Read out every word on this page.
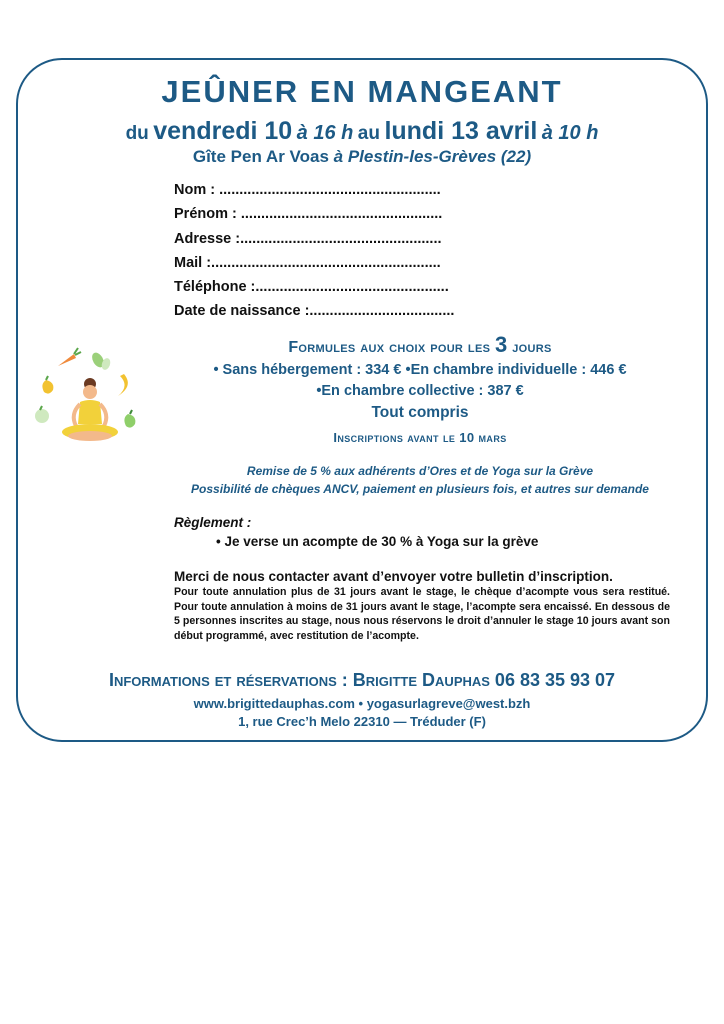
JEÛNER EN MANGEANT
du vendredi 10 à 16 h au lundi 13 avril à 10 h
Gîte Pen Ar Voas à Plestin-les-Grèves (22)
Nom : .......................................................
Prénom : ..................................................
Adresse :..................................................
Mail :.........................................................
Téléphone :................................................
Date de naissance :....................................
Formules aux choix pour les 3 jours
• Sans hébergement : 334 € •En chambre individuelle : 446 €
•En chambre collective : 387 €
Tout compris
Inscriptions avant le 10 mars
Remise de 5 % aux adhérents d’Ores et de Yoga sur la Grève
Possibilité de chèques ANCV, paiement en plusieurs fois, et autres sur demande
Règlement :
• Je verse un acompte de 30 % à Yoga sur la grève
Merci de nous contacter avant d’envoyer votre bulletin d’inscription.
Pour toute annulation plus de 31 jours avant le stage, le chèque d’acompte vous sera restitué. Pour toute annulation à moins de 31 jours avant le stage, l’acompte sera encaissé. En dessous de 5 personnes inscrites au stage, nous nous réservons le droit d’annuler le stage 10 jours avant son début programmé, avec restitution de l’acompte.
Informations et réservations : Brigitte Dauphas 06 83 35 93 07
www.brigittedauphas.com • yogasurlagreve@west.bzh
1, rue Crec’h Melo 22310 — Tréduder (F)
